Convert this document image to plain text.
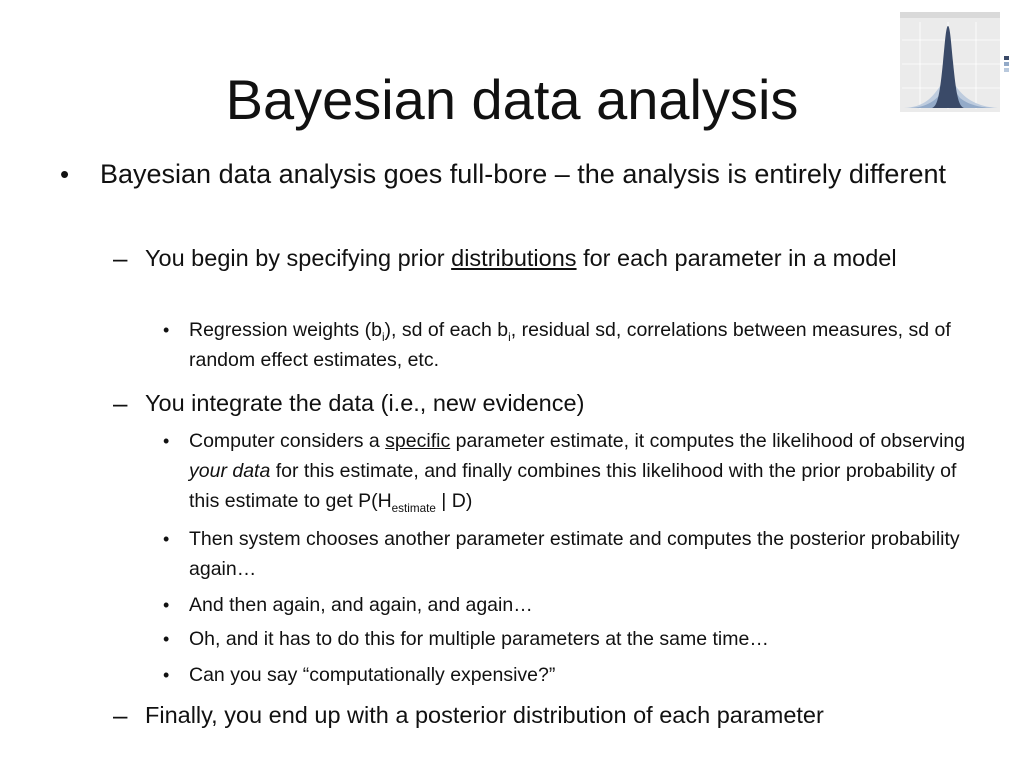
Bayesian data analysis
• Bayesian data analysis goes full-bore – the analysis is entirely different
– You begin by specifying prior distributions for each parameter in a model
• Regression weights $(b_i)$, sd of each $b_i$, residual sd, correlations between measures, sd of random effect estimates, etc.
– You integrate the data (i.e., new evidence)
• Computer considers a specific parameter estimate, it computes the likelihood of observing your data for this estimate, and finally combines this likelihood with the prior probability of this estimate to get $P(H_{estimate}$ | D)
• Then system chooses another parameter estimate and computes the posterior probability again…
• And then again, and again, and again…
• Oh, and it has to do this for multiple parameters at the same time…
• Can you say “computationally expensive?”
– Finally, you end up with a posterior distribution of each parameter
